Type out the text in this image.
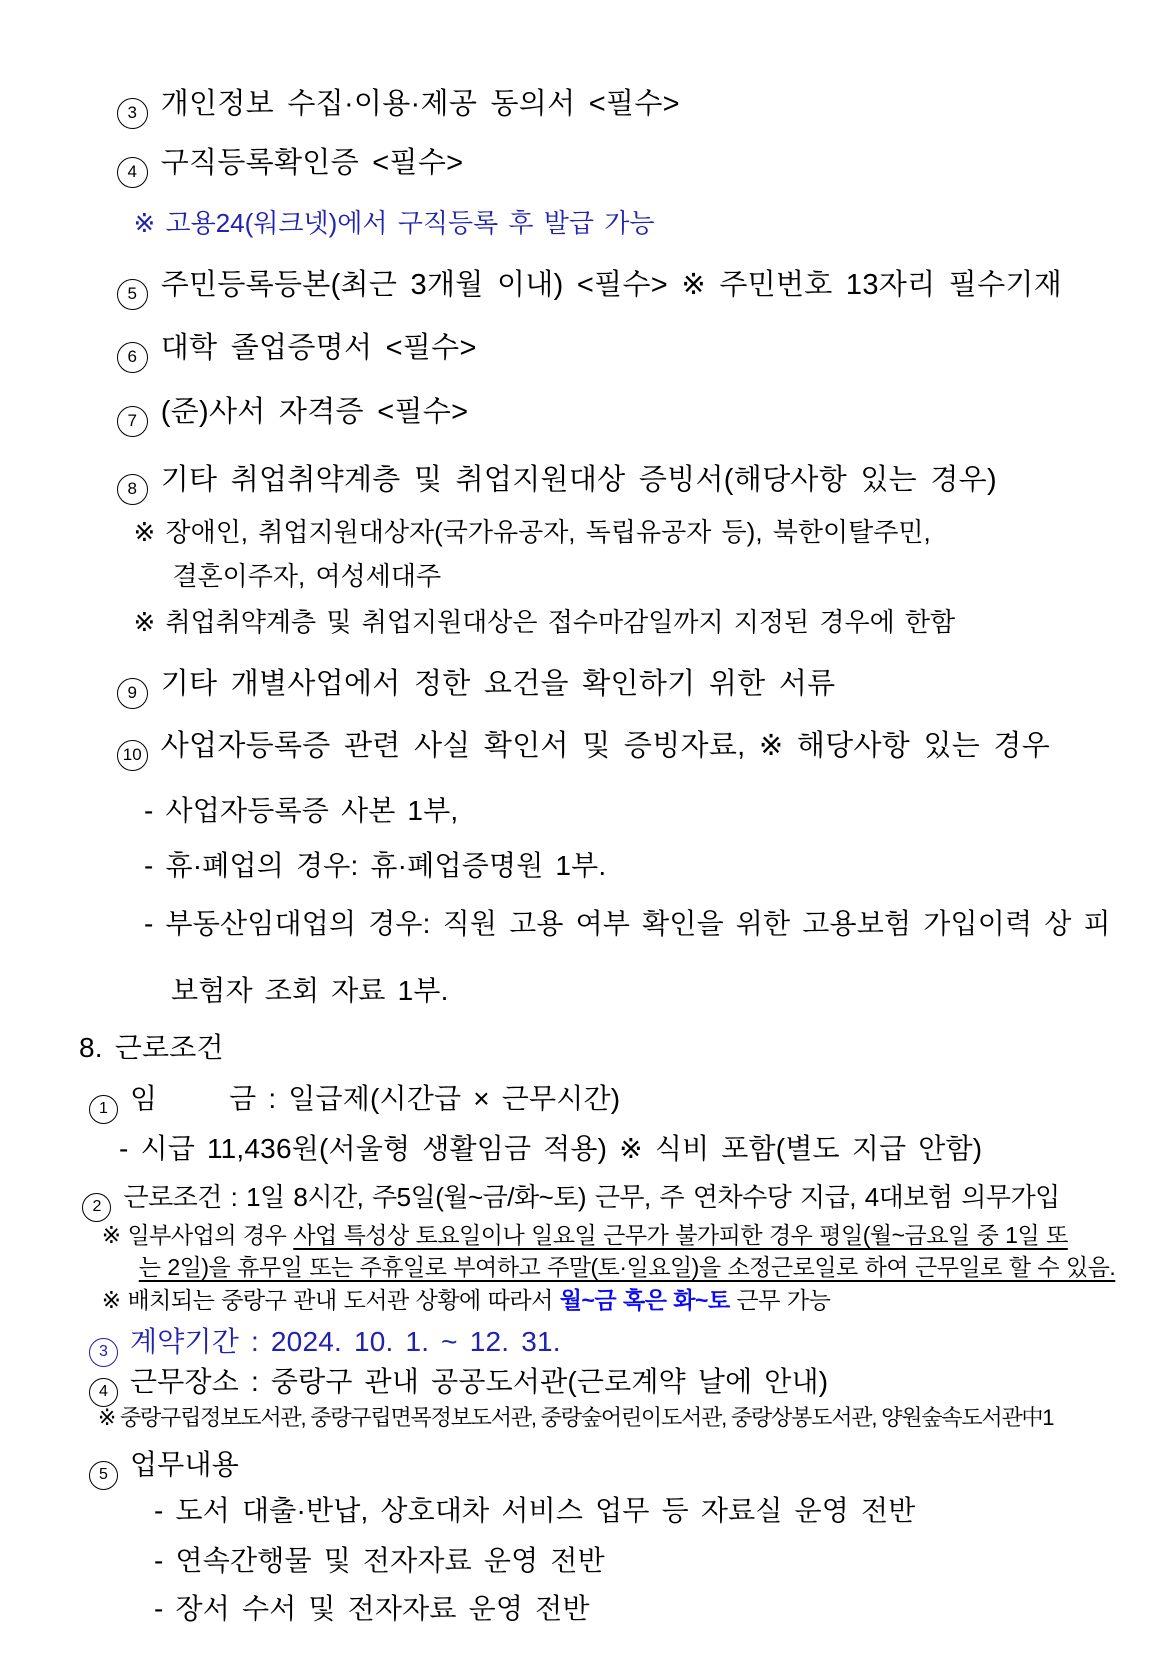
3 개인정보 수집·이용·제공 동의서 <필수>

4 구직등록확인증 <필수>

※ 고용24(워크넷)에서 구직등록 후 발급 가능

5 주민등록등본(최근 3개월 이내) <필수> ※ 주민번호 13자리 필수기재

6 대학 졸업증명서 <필수>

7 (준)사서 자격증 <필수>

8 기타 취업취약계층 및 취업지원대상 증빙서(해당사항 있는 경우)

※ 장애인, 취업지원대상자(국가유공자, 독립유공자 등), 북한이탈주민,

결혼이주자, 여성세대주

※ 취업취약계층 및 취업지원대상은 접수마감일까지 지정된 경우에 한함

9 기타 개별사업에서 정한 요건을 확인하기 위한 서류

10 사업자등록증 관련 사실 확인서 및 증빙자료, ※ 해당사항 있는 경우

- 사업자등록증 사본 1부,

- 휴·폐업의 경우: 휴·폐업증명원 1부.

- 부동산임대업의 경우: 직원 고용 여부 확인을 위한 고용보험 가입이력 상 피

보험자 조회 자료 1부.

8. 근로조건

1 임      금 : 일급제(시간급 × 근무시간)

- 시급 11,436원(서울형 생활임금 적용) ※ 식비 포함(별도 지급 안함)

2 근로조건 : 1일 8시간, 주5일(월~금/화~토) 근무, 주 연차수당 지급, 4대보험 의무가입

※ 일부사업의 경우 사업 특성상 토요일이나 일요일 근무가 불가피한 경우 평일(월~금요일 중 1일 또

는 2일)을 휴무일 또는 주휴일로 부여하고 주말(토·일요일)을 소정근로일로 하여 근무일로 할 수 있음.

※ 배치되는 중랑구 관내 도서관 상황에 따라서 월~금 혹은 화~토 근무 가능

3 계약기간 : 2024. 10. 1. ~ 12. 31.

4 근무장소 : 중랑구 관내 공공도서관(근로계약 날에 안내)

※ 중랑구립정보도서관, 중랑구립면목정보도서관, 중랑숲어린이도서관, 중랑상봉도서관, 양원숲속도서관中1

5 업무내용

- 도서 대출·반납, 상호대차 서비스 업무 등 자료실 운영 전반

- 연속간행물 및 전자자료 운영 전반

- 장서 수서 및 전자자료 운영 전반
